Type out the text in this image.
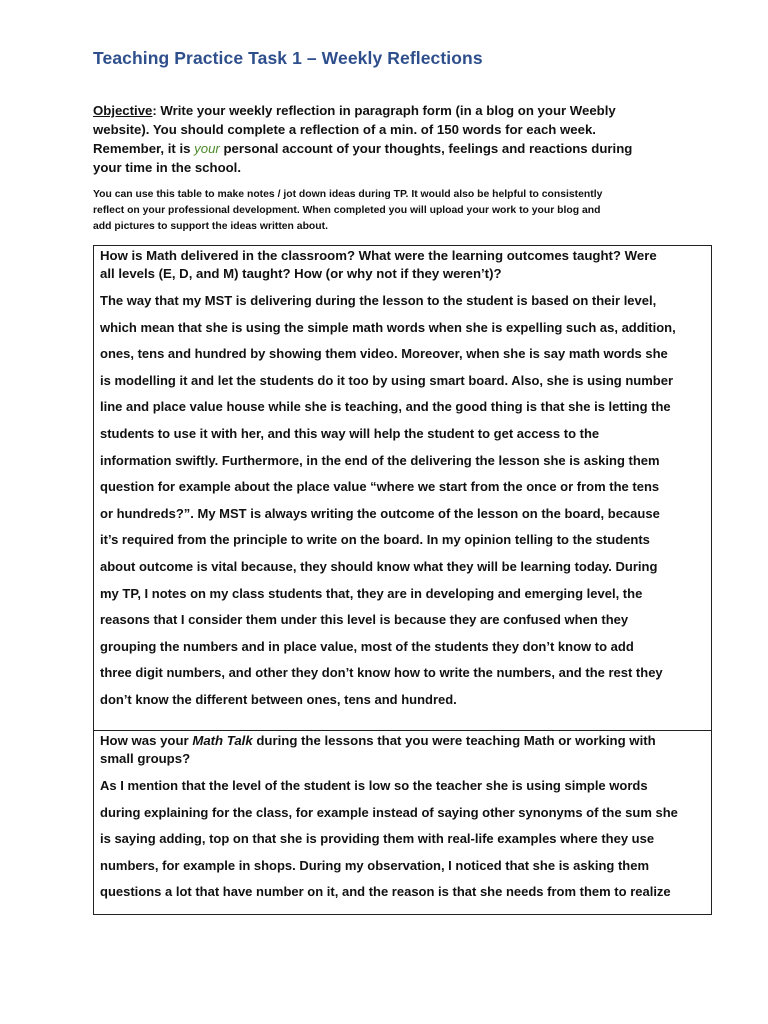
Teaching Practice Task 1 – Weekly Reflections
Objective: Write your weekly reflection in paragraph form (in a blog on your Weebly
website). You should complete a reflection of a min. of 150 words for each week.
Remember, it is your personal account of your thoughts, feelings and reactions during
your time in the school.
You can use this table to make notes / jot down ideas during TP. It would also be helpful to consistently
reflect on your professional development. When completed you will upload your work to your blog and
add pictures to support the ideas written about.
How is Math delivered in the classroom? What were the learning outcomes taught? Were
all levels (E, D, and M) taught? How (or why not if they weren’t)?
The way that my MST is delivering during the lesson to the student is based on their level,
which mean that she is using the simple math words when she is expelling such as, addition,
ones, tens and hundred by showing them video. Moreover, when she is say math words she
is modelling it and let the students do it too by using smart board. Also, she is using number
line and place value house while she is teaching, and the good thing is that she is letting the
students to use it with her, and this way will help the student to get access to the
information swiftly. Furthermore, in the end of the delivering the lesson she is asking them
question for example about the place value “where we start from the once or from the tens
or hundreds?”. My MST is always writing the outcome of the lesson on the board, because
it’s required from the principle to write on the board. In my opinion telling to the students
about outcome is vital because, they should know what they will be learning today. During
my TP, I notes on my class students that, they are in developing and emerging level, the
reasons that I consider them under this level is because they are confused when they
grouping the numbers and in place value, most of the students they don’t know to add
three digit numbers, and other they don’t know how to write the numbers, and the rest they
don’t know the different between ones, tens and hundred.
How was your Math Talk during the lessons that you were teaching Math or working with
small groups?
As I mention that the level of the student is low so the teacher she is using simple words
during explaining for the class, for example instead of saying other synonyms of the sum she
is saying adding, top on that she is providing them with real-life examples where they use
numbers, for example in shops. During my observation, I noticed that she is asking them
questions a lot that have number on it, and the reason is that she needs from them to realize
